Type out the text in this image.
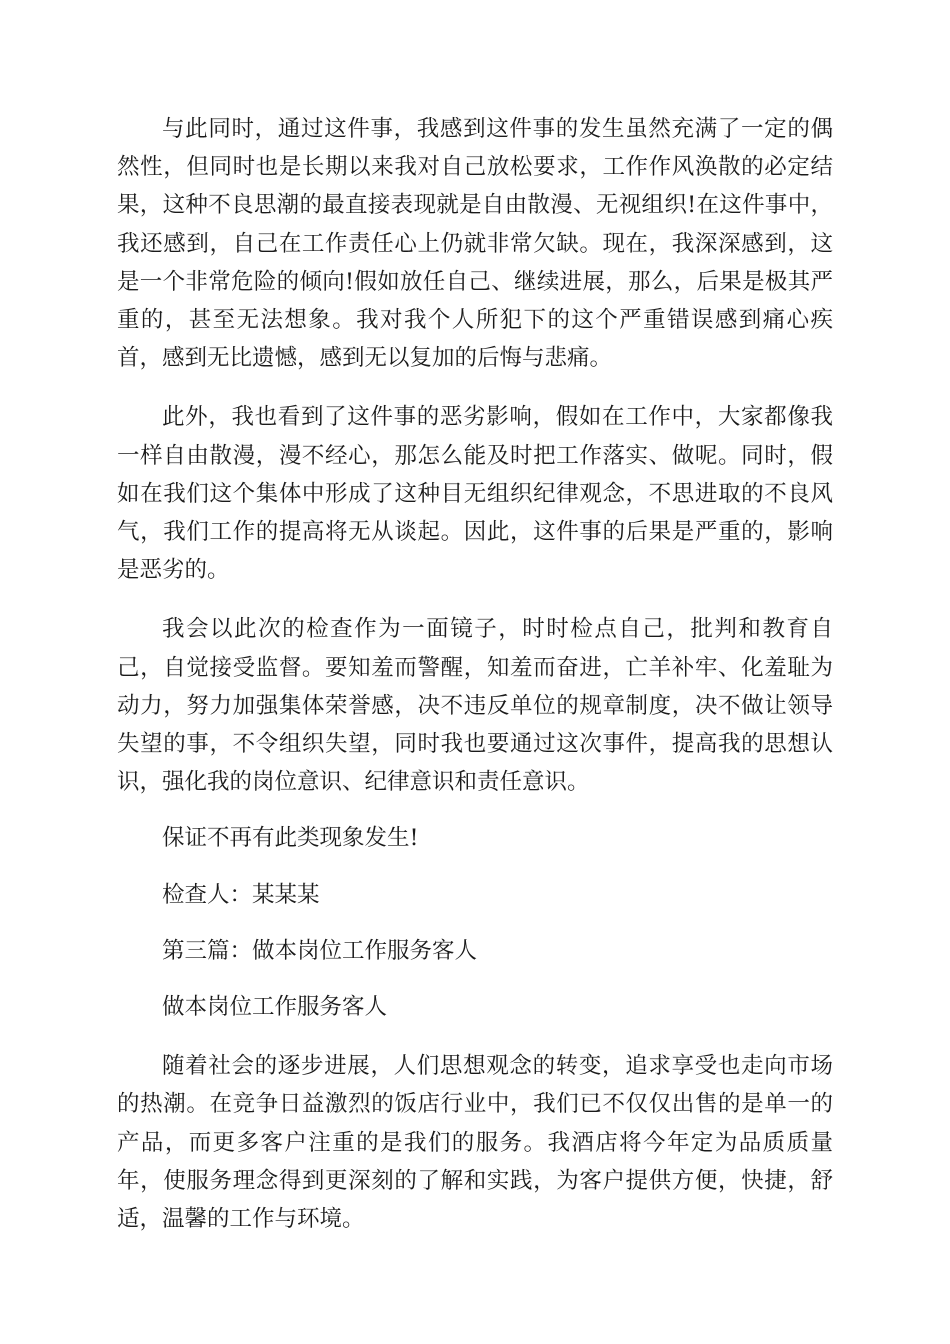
与此同时，通过这件事，我感到这件事的发生虽然充满了一定的偶然性，但同时也是长期以来我对自己放松要求，工作作风涣散的必定结果，这种不良思潮的最直接表现就是自由散漫、无视组织!在这件事中，我还感到，自己在工作责任心上仍就非常欠缺。现在，我深深感到，这是一个非常危险的倾向!假如放任自己、继续进展，那么，后果是极其严重的，甚至无法想象。我对我个人所犯下的这个严重错误感到痛心疾首，感到无比遗憾，感到无以复加的后悔与悲痛。

此外，我也看到了这件事的恶劣影响，假如在工作中，大家都像我一样自由散漫，漫不经心，那怎么能及时把工作落实、做呢。同时，假如在我们这个集体中形成了这种目无组织纪律观念，不思进取的不良风气，我们工作的提高将无从谈起。因此，这件事的后果是严重的，影响是恶劣的。

我会以此次的检查作为一面镜子，时时检点自己，批判和教育自己，自觉接受监督。要知羞而警醒，知羞而奋进，亡羊补牢、化羞耻为动力，努力加强集体荣誉感，决不违反单位的规章制度，决不做让领导失望的事，不令组织失望，同时我也要通过这次事件，提高我的思想认识，强化我的岗位意识、纪律意识和责任意识。

保证不再有此类现象发生!

检查人：某某某

第三篇：做本岗位工作服务客人

做本岗位工作服务客人

随着社会的逐步进展，人们思想观念的转变，追求享受也走向市场的热潮。在竞争日益激烈的饭店行业中，我们已不仅仅出售的是单一的产品，而更多客户注重的是我们的服务。我酒店将今年定为品质质量年，使服务理念得到更深刻的了解和实践，为客户提供方便，快捷，舒适，温馨的工作与环境。
